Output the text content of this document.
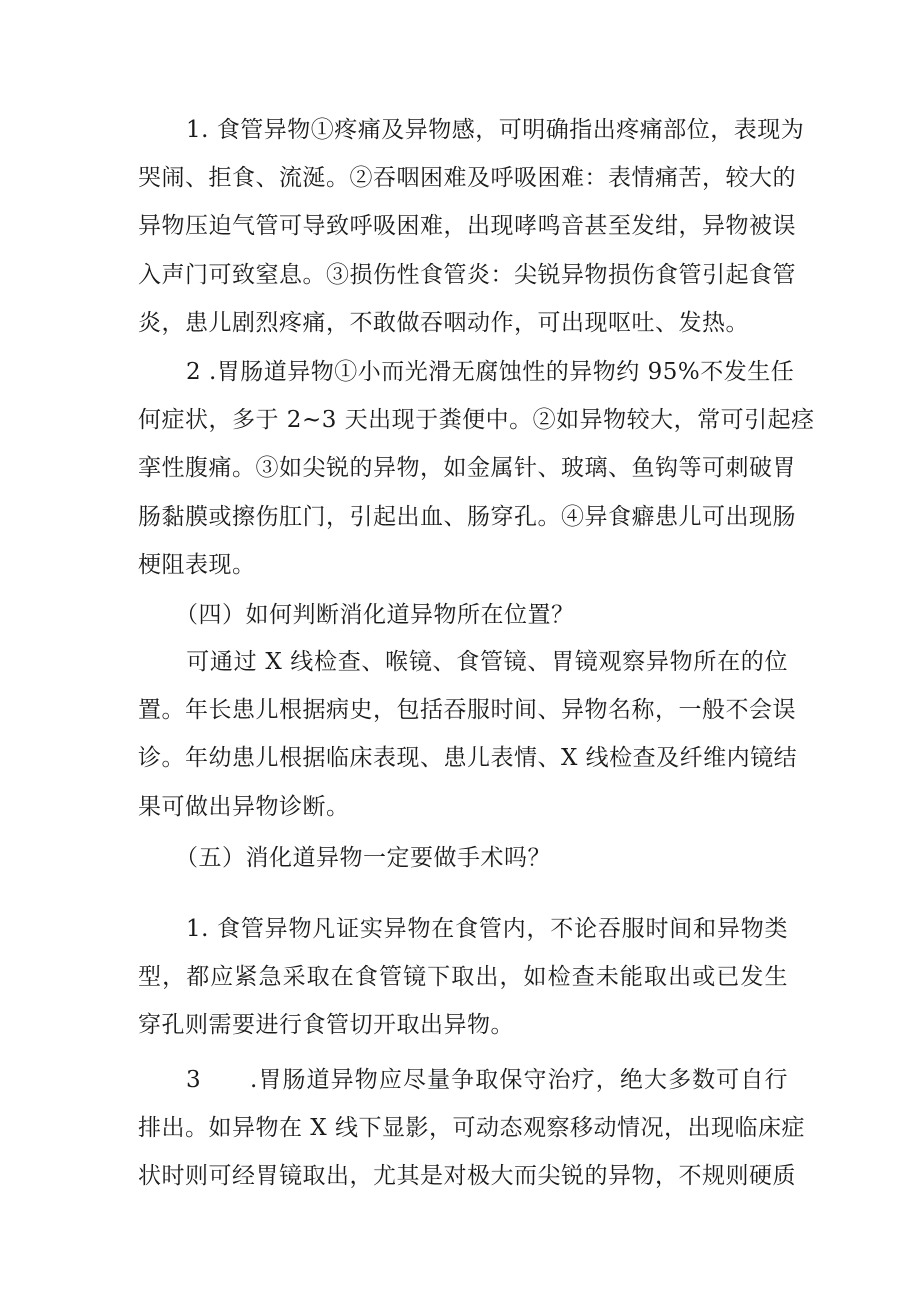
1. 食管异物①疼痛及异物感，可明确指出疼痛部位，表现为
哭闹、拒食、流涎。②吞咽困难及呼吸困难：表情痛苦，较大的
异物压迫气管可导致呼吸困难，出现哮鸣音甚至发绀，异物被误
入声门可致窒息。③损伤性食管炎：尖锐异物损伤食管引起食管
炎，患儿剧烈疼痛，不敢做吞咽动作，可出现呕吐、发热。

2 .胃肠道异物①小而光滑无腐蚀性的异物约 95%不发生任
何症状，多于 2~3 天出现于粪便中。②如异物较大，常可引起痉
挛性腹痛。③如尖锐的异物，如金属针、玻璃、鱼钩等可刺破胃
肠黏膜或擦伤肛门，引起出血、肠穿孔。④异食癖患儿可出现肠
梗阻表现。

（四）如何判断消化道异物所在位置？

可通过 X 线检查、喉镜、食管镜、胃镜观察异物所在的位
置。年长患儿根据病史，包括吞服时间、异物名称，一般不会误
诊。年幼患儿根据临床表现、患儿表情、X 线检查及纤维内镜结
果可做出异物诊断。

（五）消化道异物一定要做手术吗？

1. 食管异物凡证实异物在食管内，不论吞服时间和异物类
型，都应紧急采取在食管镜下取出，如检查未能取出或已发生
穿孔则需要进行食管切开取出异物。

3　　.胃肠道异物应尽量争取保守治疗，绝大多数可自行
排出。如异物在 X 线下显影，可动态观察移动情况，出现临床症
状时则可经胃镜取出，尤其是对极大而尖锐的异物，不规则硬质
